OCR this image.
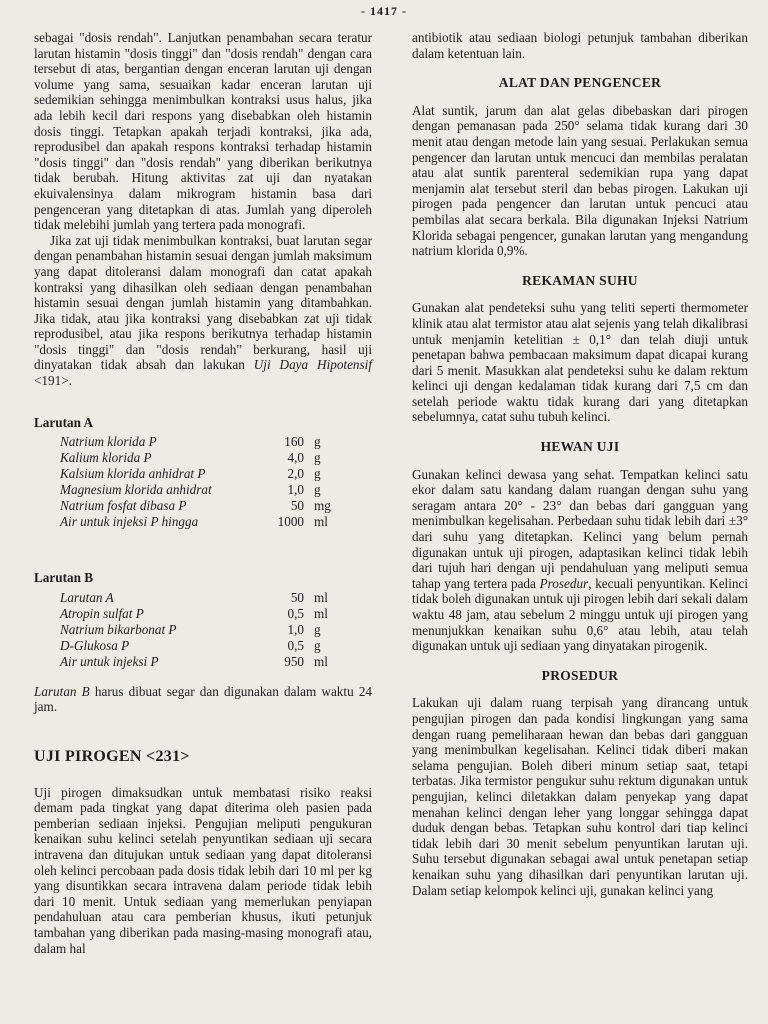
- 1417 -

sebagai "dosis rendah". Lanjutkan penambahan secara teratur larutan histamin "dosis tinggi" dan "dosis rendah" dengan cara tersebut di atas, bergantian dengan enceran larutan uji dengan volume yang sama, sesuaikan kadar enceran larutan uji sedemikian sehingga menimbulkan kontraksi usus halus, jika ada lebih kecil dari respons yang disebabkan oleh histamin dosis tinggi. Tetapkan apakah terjadi kontraksi, jika ada, reprodusibel dan apakah respons kontraksi terhadap histamin "dosis tinggi" dan "dosis rendah" yang diberikan berikutnya tidak berubah. Hitung aktivitas zat uji dan nyatakan ekuivalensinya dalam mikrogram histamin basa dari pengenceran yang ditetapkan di atas. Jumlah yang diperoleh tidak melebihi jumlah yang tertera pada monografi.

Jika zat uji tidak menimbulkan kontraksi, buat larutan segar dengan penambahan histamin sesuai dengan jumlah maksimum yang dapat ditoleransi dalam monografi dan catat apakah kontraksi yang dihasilkan oleh sediaan dengan penambahan histamin sesuai dengan jumlah histamin yang ditambahkan. Jika tidak, atau jika kontraksi yang disebabkan zat uji tidak reprodusibel, atau jika respons berikutnya terhadap histamin "dosis tinggi" dan "dosis rendah" berkurang, hasil uji dinyatakan tidak absah dan lakukan Uji Daya Hipotensif <191>.

Larutan A
Natrium klorida P	160	g
Kalium klorida P	4,0	g
Kalsium klorida anhidrat P	2,0	g
Magnesium klorida anhidrat	1,0	g
Natrium fosfat dibasa P	50	mg
Air untuk injeksi P hingga	1000	ml
Larutan B
Larutan A	50	ml
Atropin sulfat P	0,5	ml
Natrium bikarbonat P	1,0	g
D-Glukosa P	0,5	g
Air untuk injeksi P	950	ml

Larutan B harus dibuat segar dan digunakan dalam waktu 24 jam.

UJI PIROGEN <231>

Uji pirogen dimaksudkan untuk membatasi risiko reaksi demam pada tingkat yang dapat diterima oleh pasien pada pemberian sediaan injeksi. Pengujian meliputi pengukuran kenaikan suhu kelinci setelah penyuntikan sediaan uji secara intravena dan ditujukan untuk sediaan yang dapat ditoleransi oleh kelinci percobaan pada dosis tidak lebih dari 10 ml per kg yang disuntikkan secara intravena dalam periode tidak lebih dari 10 menit. Untuk sediaan yang memerlukan penyiapan pendahuluan atau cara pemberian khusus, ikuti petunjuk tambahan yang diberikan pada masing-masing monografi atau, dalam hal

antibiotik atau sediaan biologi petunjuk tambahan diberikan dalam ketentuan lain.

ALAT DAN PENGENCER

Alat suntik, jarum dan alat gelas dibebaskan dari pirogen dengan pemanasan pada 250° selama tidak kurang dari 30 menit atau dengan metode lain yang sesuai. Perlakukan semua pengencer dan larutan untuk mencuci dan membilas peralatan atau alat suntik parenteral sedemikian rupa yang dapat menjamin alat tersebut steril dan bebas pirogen. Lakukan uji pirogen pada pengencer dan larutan untuk pencuci atau pembilas alat secara berkala. Bila digunakan Injeksi Natrium Klorida sebagai pengencer, gunakan larutan yang mengandung natrium klorida 0,9%.

REKAMAN SUHU

Gunakan alat pendeteksi suhu yang teliti seperti thermometer klinik atau alat termistor atau alat sejenis yang telah dikalibrasi untuk menjamin ketelitian ± 0,1° dan telah diuji untuk penetapan bahwa pembacaan maksimum dapat dicapai kurang dari 5 menit. Masukkan alat pendeteksi suhu ke dalam rektum kelinci uji dengan kedalaman tidak kurang dari 7,5 cm dan setelah periode waktu tidak kurang dari yang ditetapkan sebelumnya, catat suhu tubuh kelinci.

HEWAN UJI

Gunakan kelinci dewasa yang sehat. Tempatkan kelinci satu ekor dalam satu kandang dalam ruangan dengan suhu yang seragam antara 20° - 23° dan bebas dari gangguan yang menimbulkan kegelisahan. Perbedaan suhu tidak lebih dari ±3° dari suhu yang ditetapkan. Kelinci yang belum pernah digunakan untuk uji pirogen, adaptasikan kelinci tidak lebih dari tujuh hari dengan uji pendahuluan yang meliputi semua tahap yang tertera pada Prosedur, kecuali penyuntikan. Kelinci tidak boleh digunakan untuk uji pirogen lebih dari sekali dalam waktu 48 jam, atau sebelum 2 minggu untuk uji pirogen yang menunjukkan kenaikan suhu 0,6° atau lebih, atau telah digunakan untuk uji sediaan yang dinyatakan pirogenik.

PROSEDUR

Lakukan uji dalam ruang terpisah yang dirancang untuk pengujian pirogen dan pada kondisi lingkungan yang sama dengan ruang pemeliharaan hewan dan bebas dari gangguan yang menimbulkan kegelisahan. Kelinci tidak diberi makan selama pengujian. Boleh diberi minum setiap saat, tetapi terbatas. Jika termistor pengukur suhu rektum digunakan untuk pengujian, kelinci diletakkan dalam penyekap yang dapat menahan kelinci dengan leher yang longgar sehingga dapat duduk dengan bebas. Tetapkan suhu kontrol dari tiap kelinci tidak lebih dari 30 menit sebelum penyuntikan larutan uji. Suhu tersebut digunakan sebagai awal untuk penetapan setiap kenaikan suhu yang dihasilkan dari penyuntikan larutan uji. Dalam setiap kelompok kelinci uji, gunakan kelinci yang
